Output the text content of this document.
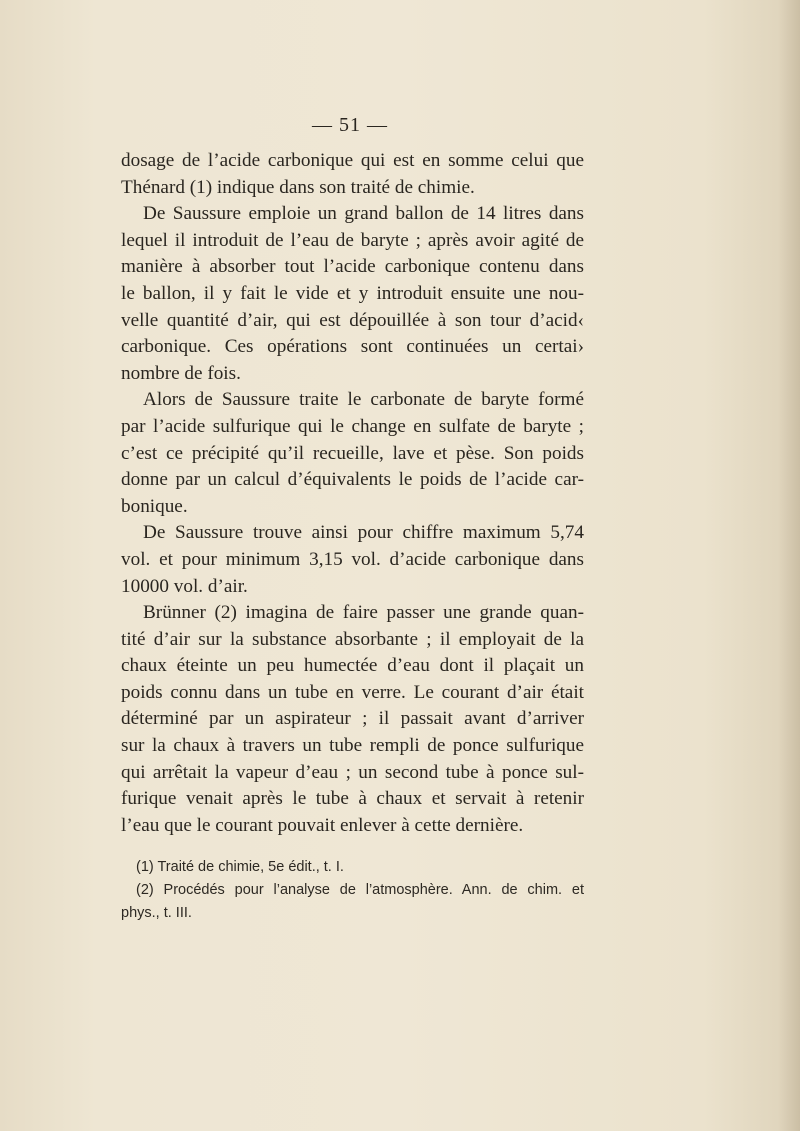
— 51 —

dosage de l’acide carbonique qui est en somme celui que
Thénard (1) indique dans son traité de chimie.

De Saussure emploie un grand ballon de 14 litres dans
lequel il introduit de l’eau de baryte ; après avoir agité de
manière à absorber tout l’acide carbonique contenu dans
le ballon, il y fait le vide et y introduit ensuite une nou-
velle quantité d’air, qui est dépouillée à son tour d’acid‹
carbonique. Ces opérations sont continuées un certai›
nombre de fois.

Alors de Saussure traite le carbonate de baryte formé
par l’acide sulfurique qui le change en sulfate de baryte ;
c’est ce précipité qu’il recueille, lave et pèse. Son poids
donne par un calcul d’équivalents le poids de l’acide car-
bonique.

De Saussure trouve ainsi pour chiffre maximum 5,74
vol. et pour minimum 3,15 vol. d’acide carbonique dans
10000 vol. d’air.

Brünner (2) imagina de faire passer une grande quan-
tité d’air sur la substance absorbante ; il employait de la
chaux éteinte un peu humectée d’eau dont il plaçait un
poids connu dans un tube en verre. Le courant d’air était
déterminé par un aspirateur ; il passait avant d’arriver
sur la chaux à travers un tube rempli de ponce sulfurique
qui arrêtait la vapeur d’eau ; un second tube à ponce sul-
furique venait après le tube à chaux et servait à retenir
l’eau que le courant pouvait enlever à cette dernière.

(1) Traité de chimie, 5e édit., t. I.
(2) Procédés pour l’analyse de l’atmosphère. Ann. de chim. et
phys., t. III.
